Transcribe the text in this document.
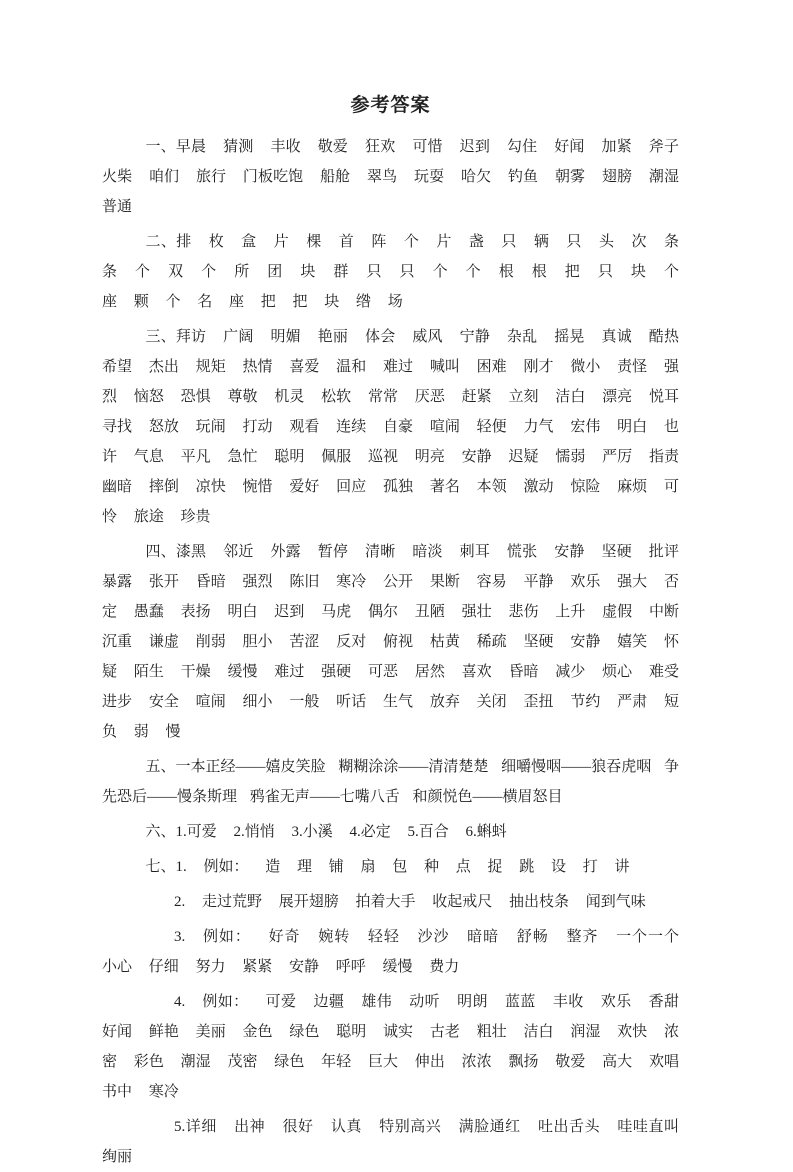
参考答案

一、早晨 猜测 丰收 敬爱 狂欢 可惜 迟到 勾住 好闻 加紧 斧子 火柴 咱们 旅行 门板吃饱 船舱 翠鸟 玩耍 哈欠 钓鱼 朝雾 翅膀 潮湿 普通

二、排 枚 盒 片 棵 首 阵 个 片 盏 只 辆 只 头 次 条 条 个 双 个 所 团 块 群 只 只 个 个 根 根 把 只 块 个 座 颗 个 名 座 把 把 块 绺 场

三、拜访 广阔 明媚 艳丽 体会 威风 宁静 杂乱 摇晃 真诚 酷热 希望 杰出 规矩 热情 喜爱 温和 难过 喊叫 困难 刚才 微小 责怪 强烈 恼怒 恐惧 尊敬 机灵 松软 常常 厌恶 赶紧 立刻 洁白 漂亮 悦耳 寻找 怒放 玩闹 打动 观看 连续 自豪 喧闹 轻便 力气 宏伟 明白 也许 气息 平凡 急忙 聪明 佩服 巡视 明亮 安静 迟疑 懦弱 严厉 指责 幽暗 摔倒 凉快 惋惜 爱好 回应 孤独 著名 本领 激动 惊险 麻烦 可怜 旅途 珍贵

四、漆黑 邻近 外露 暂停 清晰 暗淡 刺耳 慌张 安静 坚硬 批评 暴露 张开 昏暗 强烈 陈旧 寒冷 公开 果断 容易 平静 欢乐 强大 否定 愚蠢 表扬 明白 迟到 马虎 偶尔 丑陋 强壮 悲伤 上升 虚假 中断 沉重 谦虚 削弱 胆小 苦涩 反对 俯视 枯黄 稀疏 坚硬 安静 嬉笑 怀疑 陌生 干燥 缓慢 难过 强硬 可恶 居然 喜欢 昏暗 减少 烦心 难受 进步 安全 喧闹 细小 一般 听话 生气 放弃 关闭 歪扭 节约 严肃 短 负 弱 慢

五、一本正经——嬉皮笑脸 糊糊涂涂——清清楚楚 细嚼慢咽——狼吞虎咽 争先恐后——慢条斯理 鸦雀无声——七嘴八舌 和颜悦色——横眉怒目

六、1.可爱 2.悄悄 3.小溪 4.必定 5.百合 6.蝌蚪

七、1. 例如： 造 理 铺 扇 包 种 点 捉 跳 设 打 讲

2. 走过荒野 展开翅膀 拍着大手 收起戒尺 抽出枝条 闻到气味

3. 例如： 好奇 婉转 轻轻 沙沙 暗暗 舒畅 整齐 一个一个 小心 仔细 努力 紧紧 安静 呼呼 缓慢 费力

4. 例如： 可爱 边疆 雄伟 动听 明朗 蓝蓝 丰收 欢乐 香甜 好闻 鲜艳 美丽 金色 绿色 聪明 诚实 古老 粗壮 洁白 润湿 欢快 浓密 彩色 潮湿 茂密 绿色 年轻 巨大 伸出 浓浓 飘扬 敬爱 高大 欢唱 书中 寒冷

5.详细 出神 很好 认真 特别高兴 满脸通红 吐出舌头 哇哇直叫 绚丽
